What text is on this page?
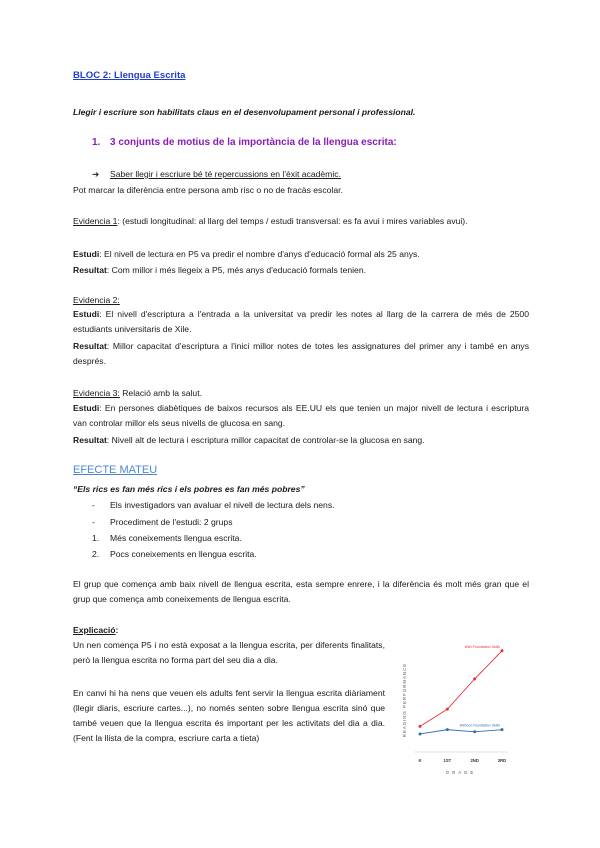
BLOC 2: Llengua Escrita
Llegir i escriure son habilitats claus en el desenvolupament personal i professional.
1. 3 conjunts de motius de la importància de la llengua escrita:
➔ Saber llegir i escriure bé té repercussions en l'èxit acadèmic.
Pot marcar la diferència entre persona amb risc o no de fracàs escolar.
Evidencia 1: (estudi longitudinal: al llarg del temps / estudi transversal: es fa avui i mires variables avui).
Estudi: El nivell de lectura en P5 va predir el nombre d'anys d'educació formal als 25 anys.
Resultat: Com millor i més llegeix a P5, més anys d'educació formals tenien.
Evidencia 2:
Estudi: El nivell d'escriptura a l'entrada a la universitat va predir les notes al llarg de la carrera de més de 2500 estudiants universitaris de Xile.
Resultat: Millor capacitat d'escriptura a l'inici millor notes de totes les assignatures del primer any i també en anys després.
Evidencia 3: Relació amb la salut.
Estudi: En persones diabètiques de baixos recursos als EE.UU els que tenien un major nivell de lectura i escriptura van controlar millor els seus nivells de glucosa en sang.
Resultat: Nivell alt de lectura i escriptura millor capacitat de controlar-se la glucosa en sang.
EFECTE MATEU
“Els rics es fan més rics i els pobres es fan més pobres”
- Els investigadors van avaluar el nivell de lectura dels nens.
- Procediment de l'estudi: 2 grups
1. Més coneixements llengua escrita.
2. Pocs coneixements en llengua escrita.
El grup que comença amb baix nivell de llengua escrita, esta sempre enrere, i la diferència és molt més gran que el grup que comença amb coneixements de llengua escrita.
Explicació:
Un nen comença P5 i no està exposat a la llengua escrita, per diferents finalitats, però la llengua escrita no forma part del seu dia a dia.
En canvi hi ha nens que veuen els adults fent servir la llengua escrita diàriament (llegir diaris, escriure cartes...), no només senten sobre llengua escrita sinó que també veuen que la llengua escrita és important per les activitats del dia a dia. (Fent la llista de la compra, escriure carta a tieta)
K	1ST	2ND	3RD
GRADE
READING PERFORMANCE
With Foundation Skills
Without Foundation Skills
